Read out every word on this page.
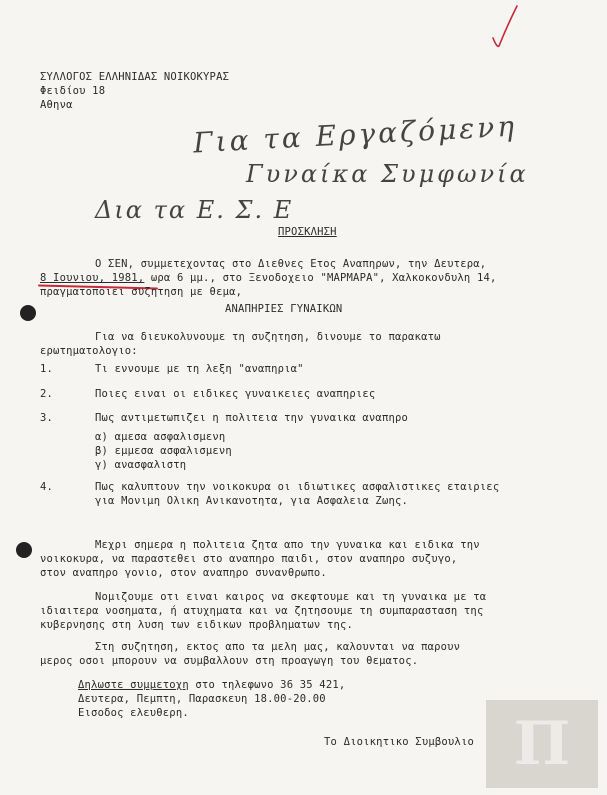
ΣΥΛΛΟΓΟΣ ΕΛΛΗΝΙΔΑΣ ΝΟΙΚΟΚΥΡΑΣ
Φειδίου 18
Αθηνα
Για τα Εργαζόμενη
Γυναίκα Συμφωνία
Δια τα Ε. Σ. Ε
ΠΡΟΣΚΛΗΣΗ
Ο ΣΕΝ, συμμετεχοντας στο Διεθνες Ετος Αναπηρων, την Δευτερα,
8 Ιουνιου, 1981, ωρα 6 μμ., στο Ξενοδοχειο "ΜΑΡΜΑΡΑ", Χαλκοκονδυλη 14,
πραγματοποιει συζητηση με θεμα,
ΑΝΑΠΗΡΙΕΣ ΓΥΝΑΙΚΩΝ
Για να διευκολυνουμε τη συζητηση, δινουμε το παρακατω
ερωτηματολογιο:
1.	Τι εννουμε με τη λεξη "αναπηρια"
2.	Ποιες ειναι οι ειδικες γυναικειες αναπηριες
3.	Πως αντιμετωπιζει η πολιτεια την γυναικα αναπηρο
α) αμεσα ασφαλισμενη
β) εμμεσα ασφαλισμενη
γ) ανασφαλιστη
4.	Πως καλυπτουν την νοικοκυρα οι ιδιωτικες ασφαλιστικες εταιριες
για Μονιμη Ολικη Ανικανοτητα, για Ασφαλεια Ζωης.
Μεχρι σημερα η πολιτεια ζητα απο την γυναικα και ειδικα την
νοικοκυρα, να παραστεθει στο αναπηρο παιδι, στον αναπηρο συζυγο,
στον αναπηρο γονιο, στον αναπηρο συνανθρωπο.
Νομιζουμε οτι ειναι καιρος να σκεφτουμε και τη γυναικα με τα
ιδιαιτερα νοσηματα, ή ατυχηματα και να ζητησουμε τη συμπαρασταση της
κυβερνησης στη λυση των ειδικων προβληματων της.
Στη συζητηση, εκτος απο τα μελη μας, καλουνται να παρουν
μερος οσοι μπορουν να συμβαλλουν στη προαγωγη του θεματος.
Δηλωστε συμμετοχη στο τηλεφωνο 36 35 421,
Δευτερα, Πεμπτη, Παρασκευη 18.00-20.00
Εισοδος ελευθερη.
Το Διοικητικο Συμβουλιο Π
